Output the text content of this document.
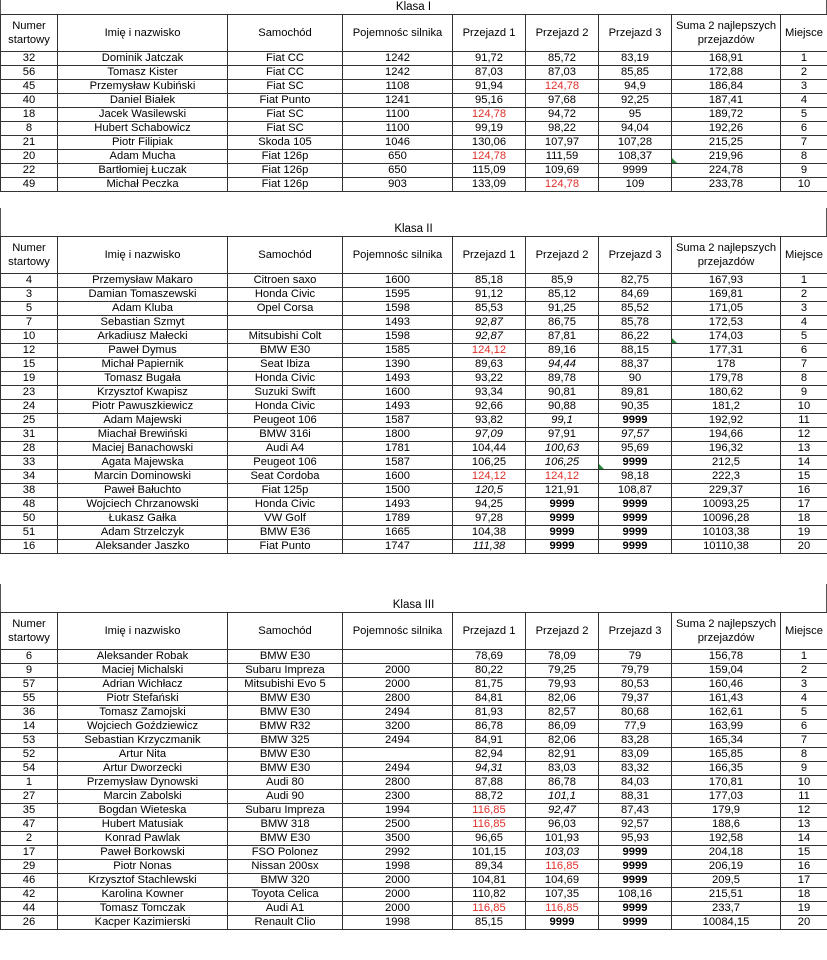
Klasa I
Numer startowy	Imię i nazwisko	Samochód	Pojemnośc silnika	Przejazd 1	Przejazd 2	Przejazd 3	Suma 2 najlepszych przejazdów	Miejsce
32	Dominik Jatczak	Fiat CC	1242	91,72	85,72	83,19	168,91	1
56	Tomasz Kister	Fiat CC	1242	87,03	87,03	85,85	172,88	2
45	Przemysław Kubiński	Fiat SC	1108	91,94	124,78	94,9	186,84	3
40	Daniel Białek	Fiat Punto	1241	95,16	97,68	92,25	187,41	4
18	Jacek Wasilewski	Fiat SC	1100	124,78	94,72	95	189,72	5
8	Hubert Schabowicz	Fiat SC	1100	99,19	98,22	94,04	192,26	6
21	Piotr Filipiak	Skoda 105	1046	130,06	107,97	107,28	215,25	7
20	Adam Mucha	Fiat 126p	650	124,78	111,59	108,37	219,96	8
22	Bartłomiej Łuczak	Fiat 126p	650	115,09	109,69	9999	224,78	9
49	Michał Peczka	Fiat 126p	903	133,09	124,78	109	233,78	10
Klasa II
Numer startowy	Imię i nazwisko	Samochód	Pojemnośc silnika	Przejazd 1	Przejazd 2	Przejazd 3	Suma 2 najlepszych przejazdów	Miejsce
4	Przemysław Makaro	Citroen saxo	1600	85,18	85,9	82,75	167,93	1
3	Damian Tomaszewski	Honda Civic	1595	91,12	85,12	84,69	169,81	2
5	Adam Kluba	Opel Corsa	1598	85,53	91,25	85,52	171,05	3
7	Sebastian Szmyt		1493	92,87	86,75	85,78	172,53	4
10	Arkadiusz Małecki	Mitsubishi Colt	1598	92,87	87,81	86,22	174,03	5
12	Paweł Dymus	BMW E30	1585	124,12	89,16	88,15	177,31	6
15	Michał Papiernik	Seat Ibiza	1390	89,63	94,44	88,37	178	7
19	Tomasz Bugała	Honda Civic	1493	93,22	89,78	90	179,78	8
23	Krzysztof Kwapisz	Suzuki Swift	1600	93,34	90,81	89,81	180,62	9
24	Piotr Pawuszkiewicz	Honda Civic	1493	92,66	90,88	90,35	181,2	10
25	Adam Majewski	Peugeot 106	1587	93,82	99,1	9999	192,92	11
31	Miachał Brewiński	BMW 316i	1800	97,09	97,91	97,57	194,66	12
28	Maciej Banachowski	Audi A4	1781	104,44	100,63	95,69	196,32	13
33	Agata Majewska	Peugeot 106	1587	106,25	106,25	9999	212,5	14
34	Marcin Dominowski	Seat Cordoba	1600	124,12	124,12	98,18	222,3	15
38	Paweł Bałuchto	Fiat 125p	1500	120,5	121,91	108,87	229,37	16
48	Wojciech Chrzanowski	Honda Civic	1493	94,25	9999	9999	10093,25	17
50	Łukasz Gałka	VW Golf	1789	97,28	9999	9999	10096,28	18
51	Adam Strzelczyk	BMW E36	1665	104,38	9999	9999	10103,38	19
16	Aleksander Jaszko	Fiat Punto	1747	111,38	9999	9999	10110,38	20
Klasa III
Numer startowy	Imię i nazwisko	Samochód	Pojemnośc silnika	Przejazd 1	Przejazd 2	Przejazd 3	Suma 2 najlepszych przejazdów	Miejsce
6	Aleksander Robak	BMW E30		78,69	78,09	79	156,78	1
9	Maciej Michalski	Subaru Impreza	2000	80,22	79,25	79,79	159,04	2
57	Adrian Wichłacz	Mitsubishi Evo 5	2000	81,75	79,93	80,53	160,46	3
55	Piotr Stefański	BMW E30	2800	84,81	82,06	79,37	161,43	4
36	Tomasz Zamojski	BMW E30	2494	81,93	82,57	80,68	162,61	5
14	Wojciech Goździewicz	BMW R32	3200	86,78	86,09	77,9	163,99	6
53	Sebastian Krzyczmanik	BMW 325	2494	84,91	82,06	83,28	165,34	7
52	Artur Nita	BMW E30		82,94	82,91	83,09	165,85	8
54	Artur Dworzecki	BMW E30	2494	94,31	83,03	83,32	166,35	9
1	Przemysław Dynowski	Audi 80	2800	87,88	86,78	84,03	170,81	10
27	Marcin Zabolski	Audi 90	2300	88,72	101,1	88,31	177,03	11
35	Bogdan Wieteska	Subaru Impreza	1994	116,85	92,47	87,43	179,9	12
47	Hubert Matusiak	BMW 318	2500	116,85	96,03	92,57	188,6	13
2	Konrad Pawlak	BMW E30	3500	96,65	101,93	95,93	192,58	14
17	Paweł Borkowski	FSO Polonez	2992	101,15	103,03	9999	204,18	15
29	Piotr Nonas	Nissan 200sx	1998	89,34	116,85	9999	206,19	16
46	Krzysztof Stachlewski	BMW 320	2000	104,81	104,69	9999	209,5	17
42	Karolina Kowner	Toyota Celica	2000	110,82	107,35	108,16	215,51	18
44	Tomasz Tomczak	Audi A1	2000	116,85	116,85	9999	233,7	19
26	Kacper Kazimierski	Renault Clio	1998	85,15	9999	9999	10084,15	20
